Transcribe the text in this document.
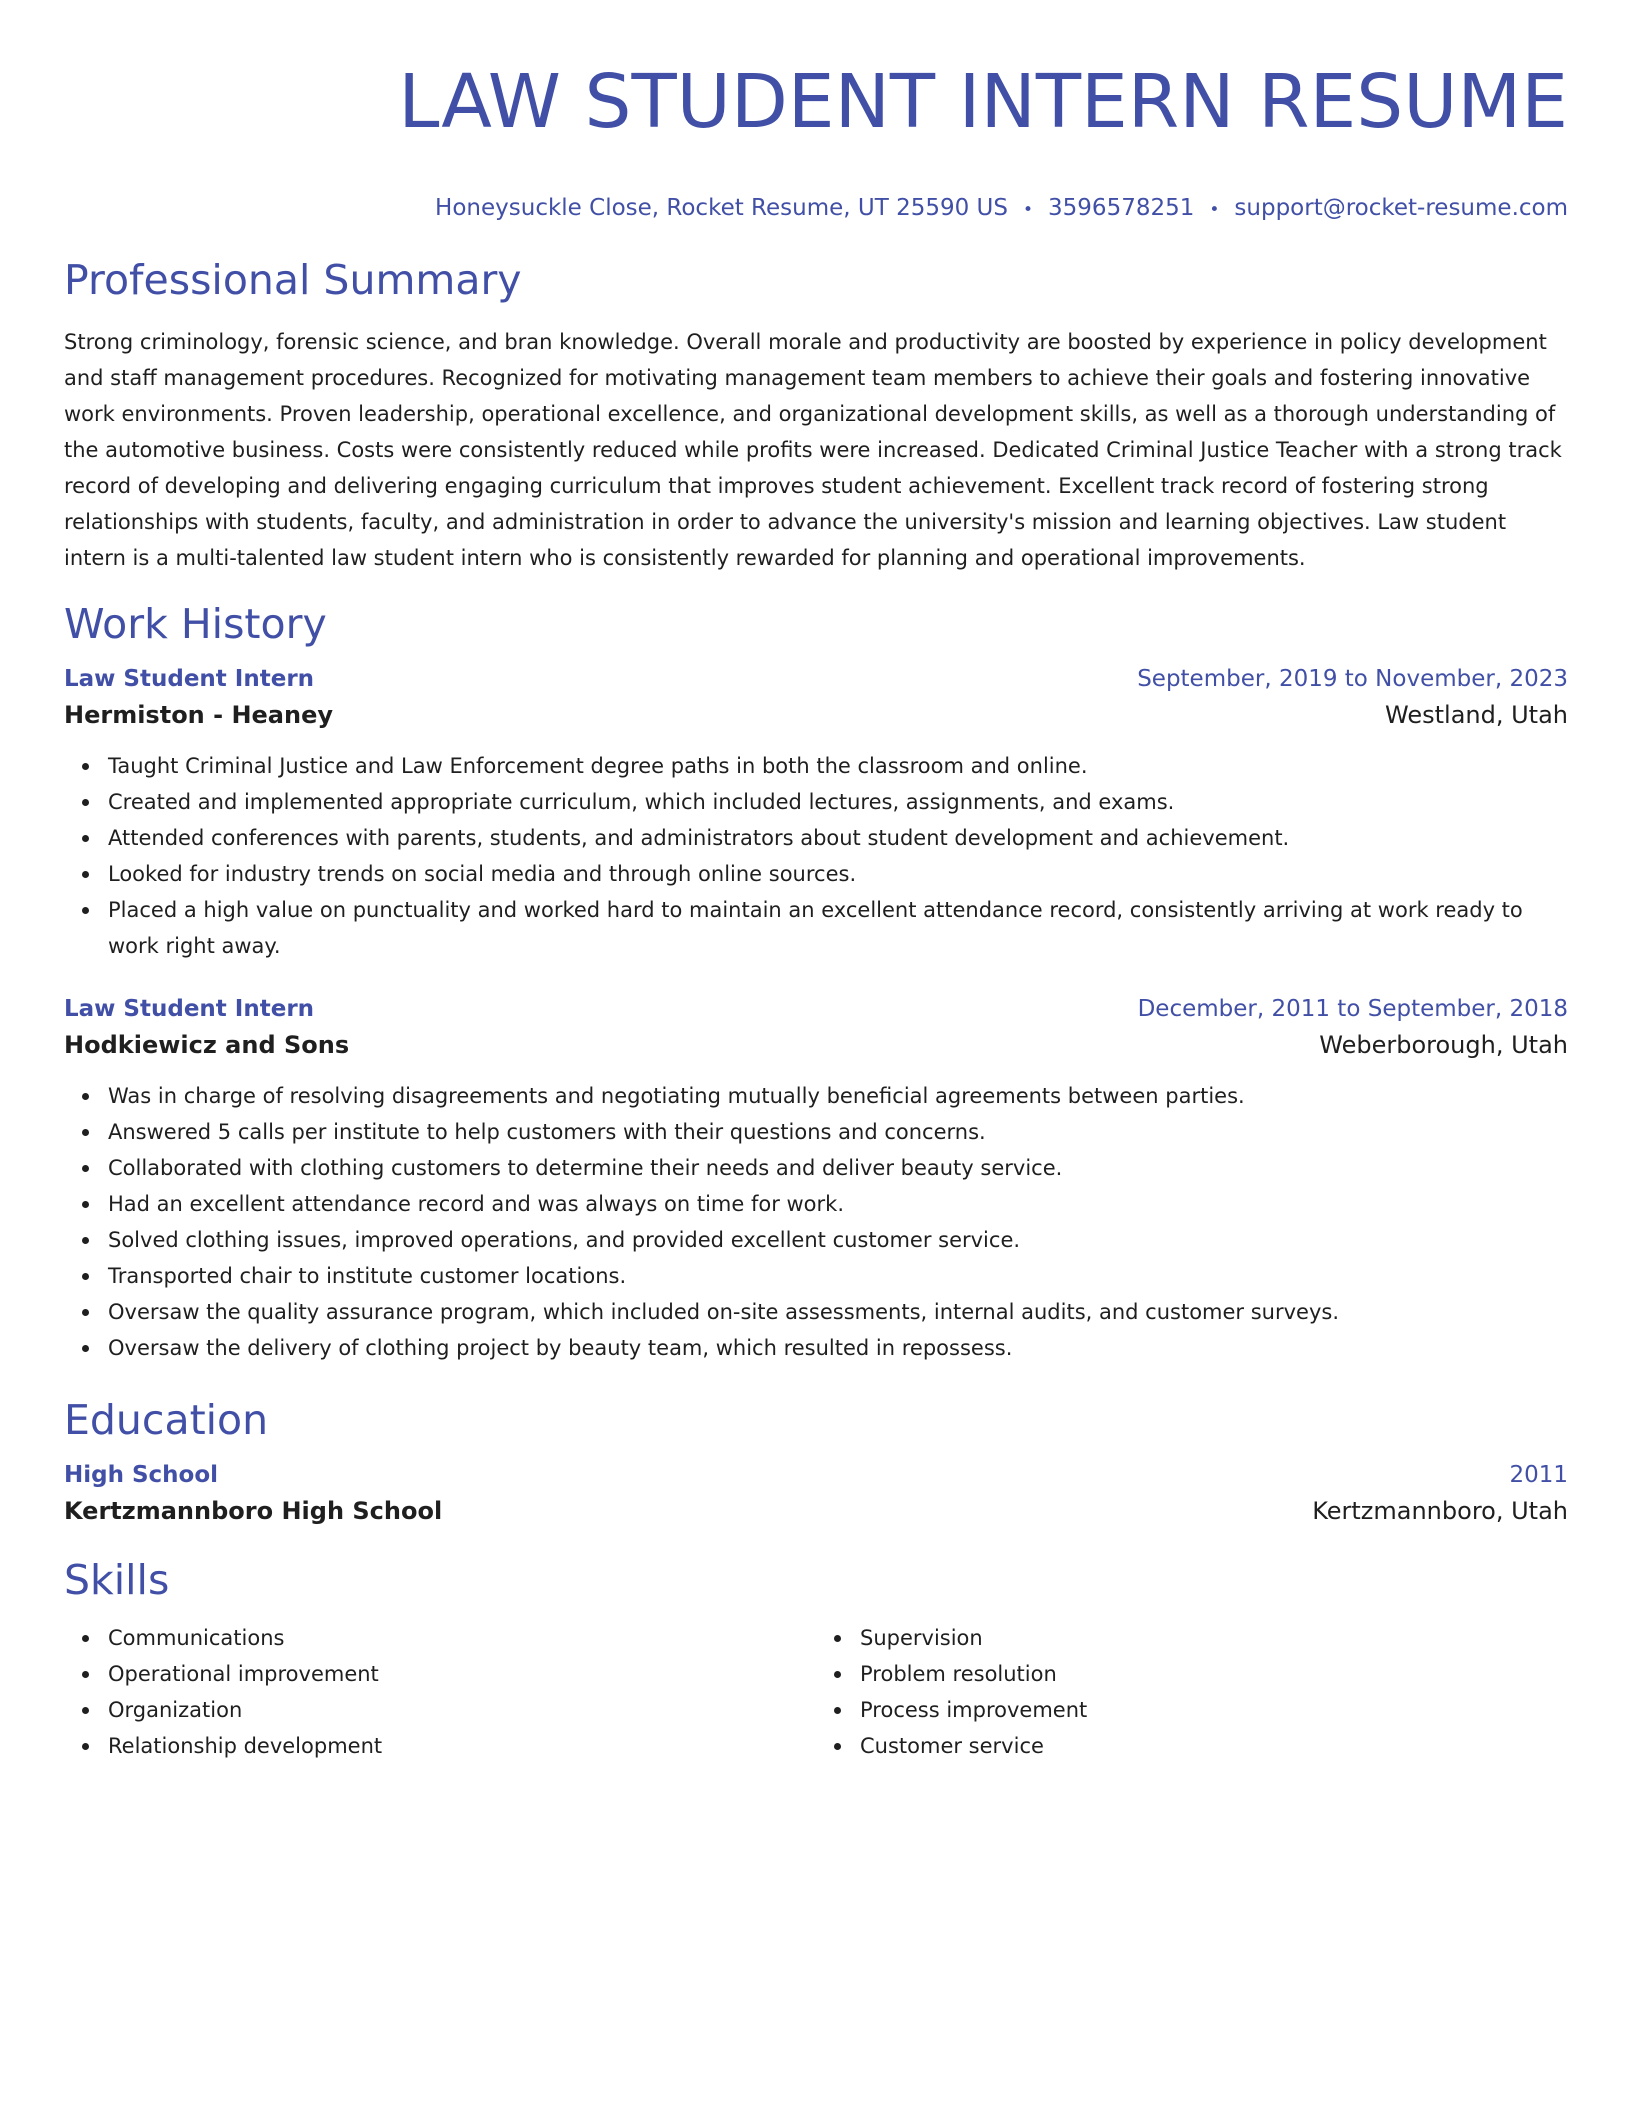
LAW STUDENT INTERN RESUME
Honeysuckle Close, Rocket Resume, UT 25590 US • 3596578251 • support@rocket-resume.com
Professional Summary
Strong criminology, forensic science, and bran knowledge. Overall morale and productivity are boosted by experience in policy development and staff management procedures. Recognized for motivating management team members to achieve their goals and fostering innovative work environments. Proven leadership, operational excellence, and organizational development skills, as well as a thorough understanding of the automotive business. Costs were consistently reduced while profits were increased. Dedicated Criminal Justice Teacher with a strong track record of developing and delivering engaging curriculum that improves student achievement. Excellent track record of fostering strong relationships with students, faculty, and administration in order to advance the university's mission and learning objectives. Law student intern is a multi-talented law student intern who is consistently rewarded for planning and operational improvements.
Work History
Law Student Intern	September, 2019 to November, 2023
Hermiston - Heaney	Westland, Utah
Taught Criminal Justice and Law Enforcement degree paths in both the classroom and online.
Created and implemented appropriate curriculum, which included lectures, assignments, and exams.
Attended conferences with parents, students, and administrators about student development and achievement.
Looked for industry trends on social media and through online sources.
Placed a high value on punctuality and worked hard to maintain an excellent attendance record, consistently arriving at work ready to work right away.
Law Student Intern	December, 2011 to September, 2018
Hodkiewicz and Sons	Weberborough, Utah
Was in charge of resolving disagreements and negotiating mutually beneficial agreements between parties.
Answered 5 calls per institute to help customers with their questions and concerns.
Collaborated with clothing customers to determine their needs and deliver beauty service.
Had an excellent attendance record and was always on time for work.
Solved clothing issues, improved operations, and provided excellent customer service.
Transported chair to institute customer locations.
Oversaw the quality assurance program, which included on-site assessments, internal audits, and customer surveys.
Oversaw the delivery of clothing project by beauty team, which resulted in repossess.
Education
High School	2011
Kertzmannboro High School	Kertzmannboro, Utah
Skills
Communications
Operational improvement
Organization
Relationship development
Supervision
Problem resolution
Process improvement
Customer service
